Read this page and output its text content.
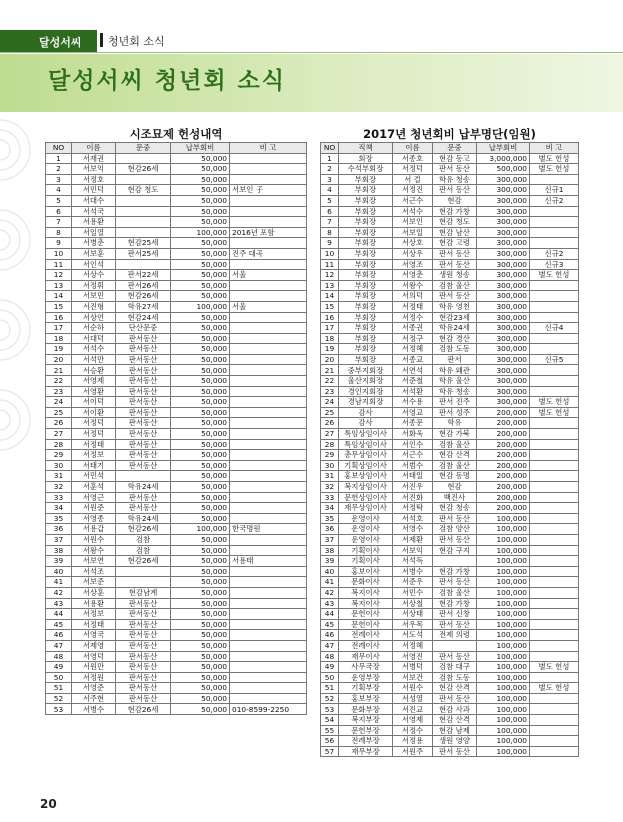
달성서씨 청년회 소식
달성서씨 청년회 소식
시조묘제 헌성내역
NO	이름	문중	납부회비	비 고
1	서재권		50,000	
2	서보익	현감26세	50,000	
3	서정호		50,000	
4	서민덕	현감 청도	50,000	서보인 子
5	서대수		50,000	
6	서석국		50,000	
7	서용환		50,000	
8	서일열		100,000	2016년 포함
9	서병춘	현감25세	50,000	
10	서보훈	판서25세	50,000	진주 대곡
11	서인석		50,000	
12	서상수	판서22세	50,000	서울
13	서정휘	판서26세	50,000	
14	서보민	현감26세	50,000	
15	서진형	학유27세	100,000	서울
16	서상언	현감24세	50,000	
17	서순하	단산문중	50,000	
18	서대덕	판서동산	50,000	
19	서석수	판서동산	50,000	
20	서석만	판서동산	50,000	
21	서승환	판서동산	50,000	
22	서영제	판서동산	50,000	
23	서영환	판서동산	50,000	
24	서이덕	판서동산	50,000	
25	서이환	판서동산	50,000	
26	서정덕	판서동산	50,000	
27	서정덕	판서동산	50,000	
28	서정태	판서동산	50,000	
29	서정보	판서동산	50,000	
30	서태기	판서동산	50,000	
31	서민석		50,000	
32	서훈석	학유24세	50,000	
33	서영근	판서동산	50,000	
34	서원준	판서동산	50,000	
35	서영종	학유24세	50,000	
36	서용갑	현감26세	100,000	한국명원
37	서원수	검참	50,000	
38	서왕수	검참	50,000	
39	서보연	현감26세	50,000	서용태
40	서석조		50,000	
41	서보준		50,000	
42	서상훈	현감남계	50,000	
43	서용환	판서동산	50,000	
44	서정보	판서동산	50,000	
45	서정태	판서동산	50,000	
46	서영국	판서동산	50,000	
47	서제영	판서동산	50,000	
48	서영덕	판서동산	50,000	
49	서원만	판서동산	50,000	
50	서정원	판서동산	50,000	
51	서영준	판서동산	50,000	
52	서주현	판서동산	50,000	
53	서병수	현감26세	50,000	010-8599-2250
2017년 청년회비 납부명단(임원)
NO	직책	이름	문중	납부회비	비 고
1	회장	서종호	현감 동고	3,000,000	별도 헌성
2	수석부회장	서정덕	판서 동산	500,000	별도 헌성
3	부회장	서 걸	학유 청송	300,000	
4	부회장	서정진	판서 동산	300,000	신규1
5	부회장	서근수	현감	300,000	신규2
6	부회장	서석수	현감 가창	300,000	
7	부회장	서보인	현감 청도	300,000	
8	부회장	서보일	현감 남산	300,000	
9	부회장	서상호	현감 고령	300,000	
10	부회장	서상우	판서 동산	300,000	신규2
11	부회장	서영조	판서 동산	300,000	신규3
12	부회장	서영춘	생원 청송	300,000	별도 헌성
13	부회장	서왕수	검참 울산	300,000	
14	부회장	서의덕	판서 동산	300,000	
15	부회장	서정태	학유 영천	300,000	
16	부회장	서정수	현감23세	300,000	
17	부회장	서종권	학유24세	300,000	신규4
18	부회장	서정구	현감 경산	300,000	
19	부회장	서정혜	검참 도동	300,000	
20	부회장	서종교	판서	300,000	신규5
21	중부지회장	서연석	학유 왜관	300,000	
22	울산지회장	서준철	학유 울산	300,000	
23	경인지회장	서석환	학유 청송	300,000	
24	경남지회장	서수용	판서 진주	300,000	별도 헌성
25	감사	서영교	판서 성주	200,000	별도 헌성
26	감사	서종문	학유	200,000	
27	특임상임이사	서화욱	현감 가북	200,000	
28	특임상임이사	서인수	검참 울산	200,000	
29	총무상임이사	서근수	현감 산격	200,000	
30	기획상임이사	서범수	검참 울산	200,000	
31	홍보상임이사	서태일	현감 동명	200,000	
32	복지상임이사	서진우	현감	200,000	
33	문헌상임이사	서진화	백진사	200,000	
34	재무상임이사	서정탁	현감 청송	200,000	
35	운영이사	서석호	판서 동산	100,000	
36	운영이사	서영수	검참 양산	100,000	
37	운영이사	서제환	판서 동산	100,000	
38	기획이사	서보익	현감 구지	100,000	
39	기획이사	서석득		100,000	
40	홍보이사	서병수	현감 가창	100,000	
41	문화이사	서준우	판서 동산	100,000	
42	복지이사	서민수	검참 울산	100,000	
43	복지이사	서상철	현감 가창	100,000	
44	문헌이사	서상태	판서 신창	100,000	
45	문헌이사	서우목	판서 동산	100,000	
46	전례이사	서도석	전제 의령	100,000	
47	전례이사	서정혜		100,000	
48	재무이사	서영진	판서 동산	100,000	
49	사무국장	서병덕	검참 대구	100,000	별도 헌성
50	운영부장	서보건	검참 도동	100,000	
51	기획부장	서원수	현감 산격	100,000	별도 헌성
52	홍보부장	서성열	판서 동산	100,000	
53	문화부장	서진교	현감 사과	100,000	
54	복지부장	서영제	현감 산격	100,000	
55	문헌부장	서정수	현감 남제	100,000	
56	전례부장	서정용	생원 영양	100,000	
57	재무부장	서원주	판서 동산	100,000	
20
